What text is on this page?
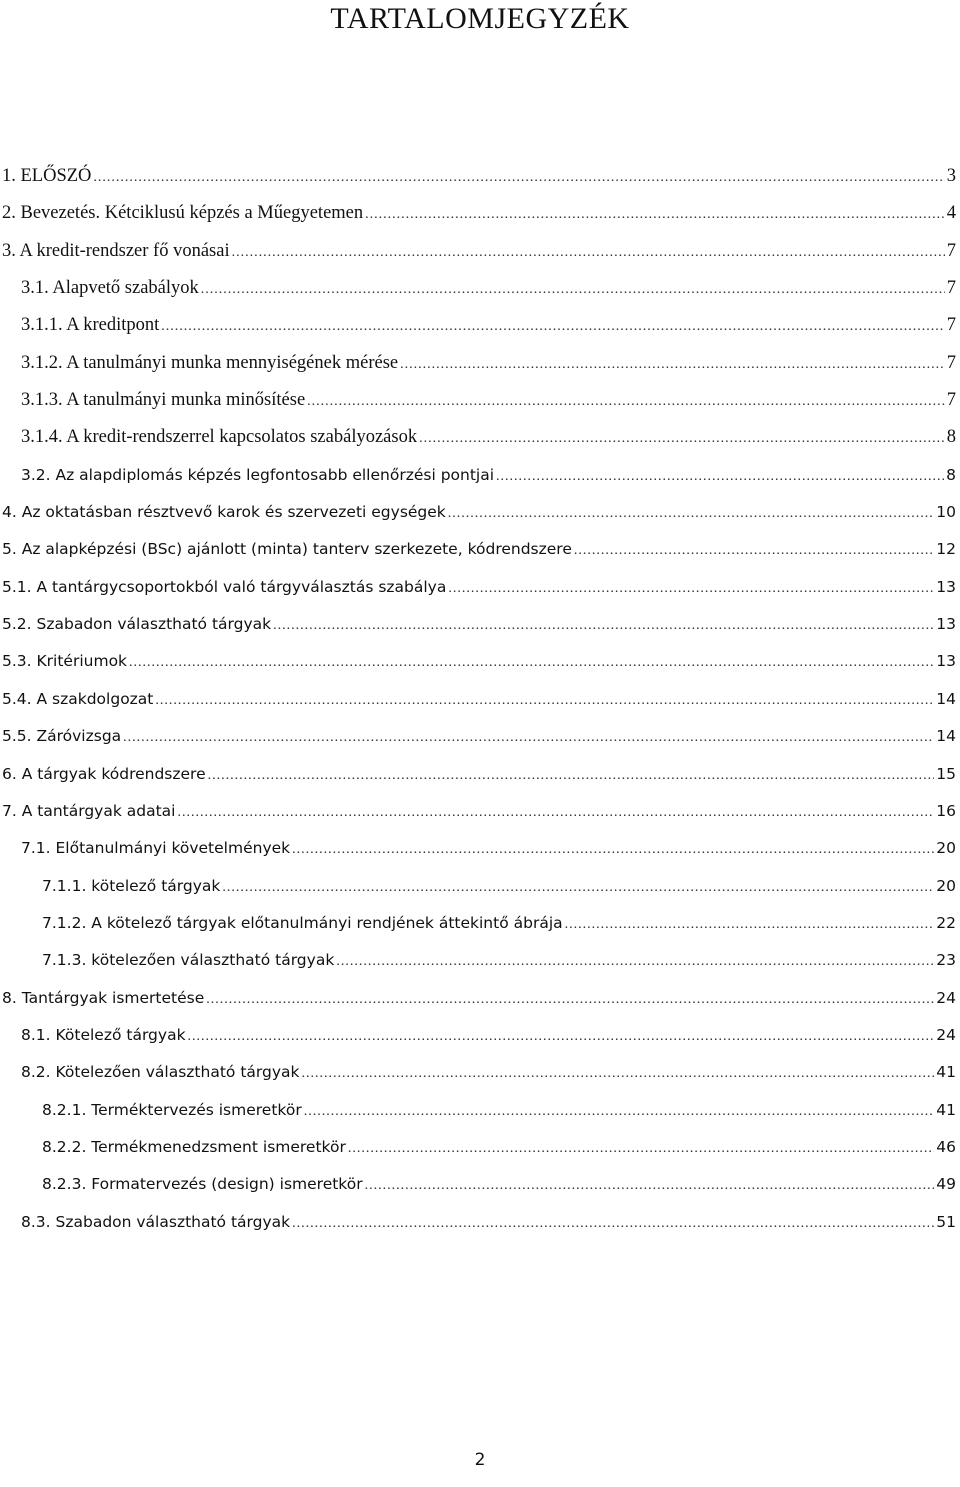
TARTALOMJEGYZÉK
1. ELŐSZÓ .....	3
2. Bevezetés. Kétciklusú képzés a Műegyetemen .....	4
3. A kredit-rendszer fő vonásai .....	7
3.1. Alapvető szabályok .....	7
3.1.1. A kreditpont .....	7
3.1.2. A tanulmányi munka mennyiségének mérése .....	7
3.1.3. A tanulmányi munka minősítése .....	7
3.1.4. A kredit-rendszerrel kapcsolatos szabályozások .....	8
3.2. Az alapdiplomás képzés legfontosabb ellenőrzési pontjai .....	8
4. Az oktatásban résztvevő karok és szervezeti egységek .....	10
5. Az alapképzési (BSc) ajánlott (minta) tanterv szerkezete, kódrendszere .....	12
5.1. A tantárgycsoportokból való tárgyválasztás szabálya .....	13
5.2. Szabadon választható tárgyak .....	13
5.3. Kritériumok .....	13
5.4. A szakdolgozat .....	14
5.5. Záróvizsga .....	14
6. A tárgyak kódrendszere .....	15
7. A tantárgyak adatai .....	16
7.1. Előtanulmányi követelmények .....	20
7.1.1. kötelező tárgyak .....	20
7.1.2. A kötelező tárgyak előtanulmányi rendjének áttekintő ábrája .....	22
7.1.3. kötelezően választható tárgyak .....	23
8. Tantárgyak ismertetése .....	24
8.1. Kötelező tárgyak .....	24
8.2. Kötelezően választható tárgyak .....	41
8.2.1. Terméktervezés ismeretkör .....	41
8.2.2. Termékmenedzsment ismeretkör .....	46
8.2.3. Formatervezés (design) ismeretkör .....	49
8.3. Szabadon választható tárgyak .....	51
2
